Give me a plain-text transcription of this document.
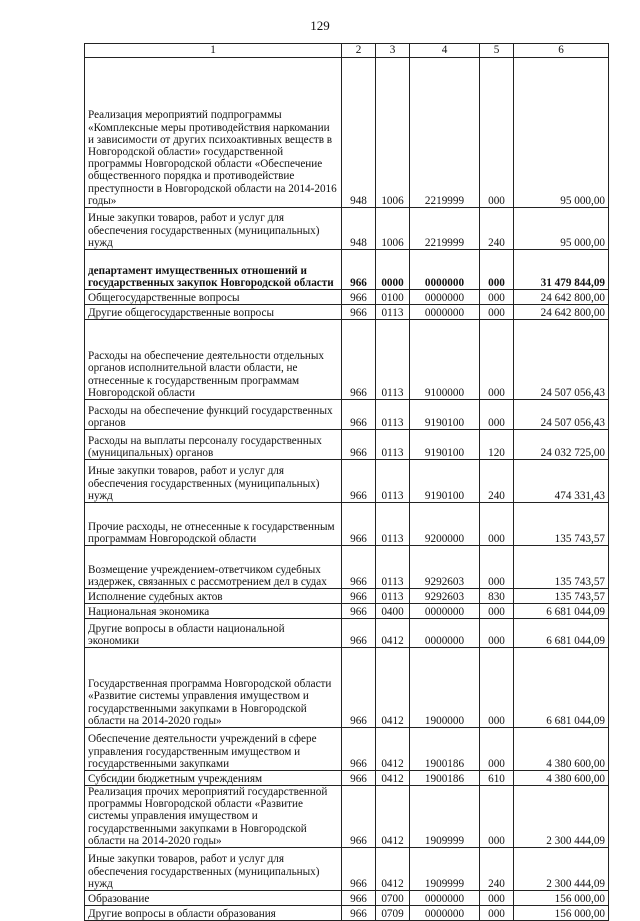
129
1	2	3	4	5	6
Реализация мероприятий подпрограммы «Комплексные меры противодействия наркомании и зависимости от других психоактивных веществ в Новгородской области» государственной программы Новгородской области «Обеспечение общественного порядка и противодействие преступности в Новгородской области на 2014-2016 годы»	948	1006	2219999	000	95 000,00
Иные закупки товаров, работ и услуг для обеспечения государственных (муниципальных) нужд	948	1006	2219999	240	95 000,00
департамент имущественных отношений и государственных закупок Новгородской области	966	0000	0000000	000	31 479 844,09
Общегосударственные вопросы	966	0100	0000000	000	24 642 800,00
Другие общегосударственные вопросы	966	0113	0000000	000	24 642 800,00
Расходы на обеспечение деятельности отдельных органов исполнительной власти области, не отнесенные к государственным программам Новгородской области	966	0113	9100000	000	24 507 056,43
Расходы на обеспечение функций государственных органов	966	0113	9190100	000	24 507 056,43
Расходы на выплаты персоналу государственных (муниципальных) органов	966	0113	9190100	120	24 032 725,00
Иные закупки товаров, работ и услуг для обеспечения государственных (муниципальных) нужд	966	0113	9190100	240	474 331,43
Прочие расходы, не отнесенные к государственным программам Новгородской области	966	0113	9200000	000	135 743,57
Возмещение учреждением-ответчиком судебных издержек, связанных с рассмотрением дел в судах	966	0113	9292603	000	135 743,57
Исполнение судебных актов	966	0113	9292603	830	135 743,57
Национальная экономика	966	0400	0000000	000	6 681 044,09
Другие вопросы в области национальной экономики	966	0412	0000000	000	6 681 044,09
Государственная программа Новгородской области «Развитие системы управления имуществом и государственными закупками в Новгородской области на 2014-2020 годы»	966	0412	1900000	000	6 681 044,09
Обеспечение деятельности учреждений в сфере управления государственным имуществом и государственными закупками	966	0412	1900186	000	4 380 600,00
Субсидии бюджетным учреждениям	966	0412	1900186	610	4 380 600,00
Реализация прочих мероприятий государственной программы Новгородской области «Развитие системы управления имуществом и государственными закупками в Новгородской области на 2014-2020 годы»	966	0412	1909999	000	2 300 444,09
Иные закупки товаров, работ и услуг для обеспечения государственных (муниципальных) нужд	966	0412	1909999	240	2 300 444,09
Образование	966	0700	0000000	000	156 000,00
Другие вопросы в области образования	966	0709	0000000	000	156 000,00
